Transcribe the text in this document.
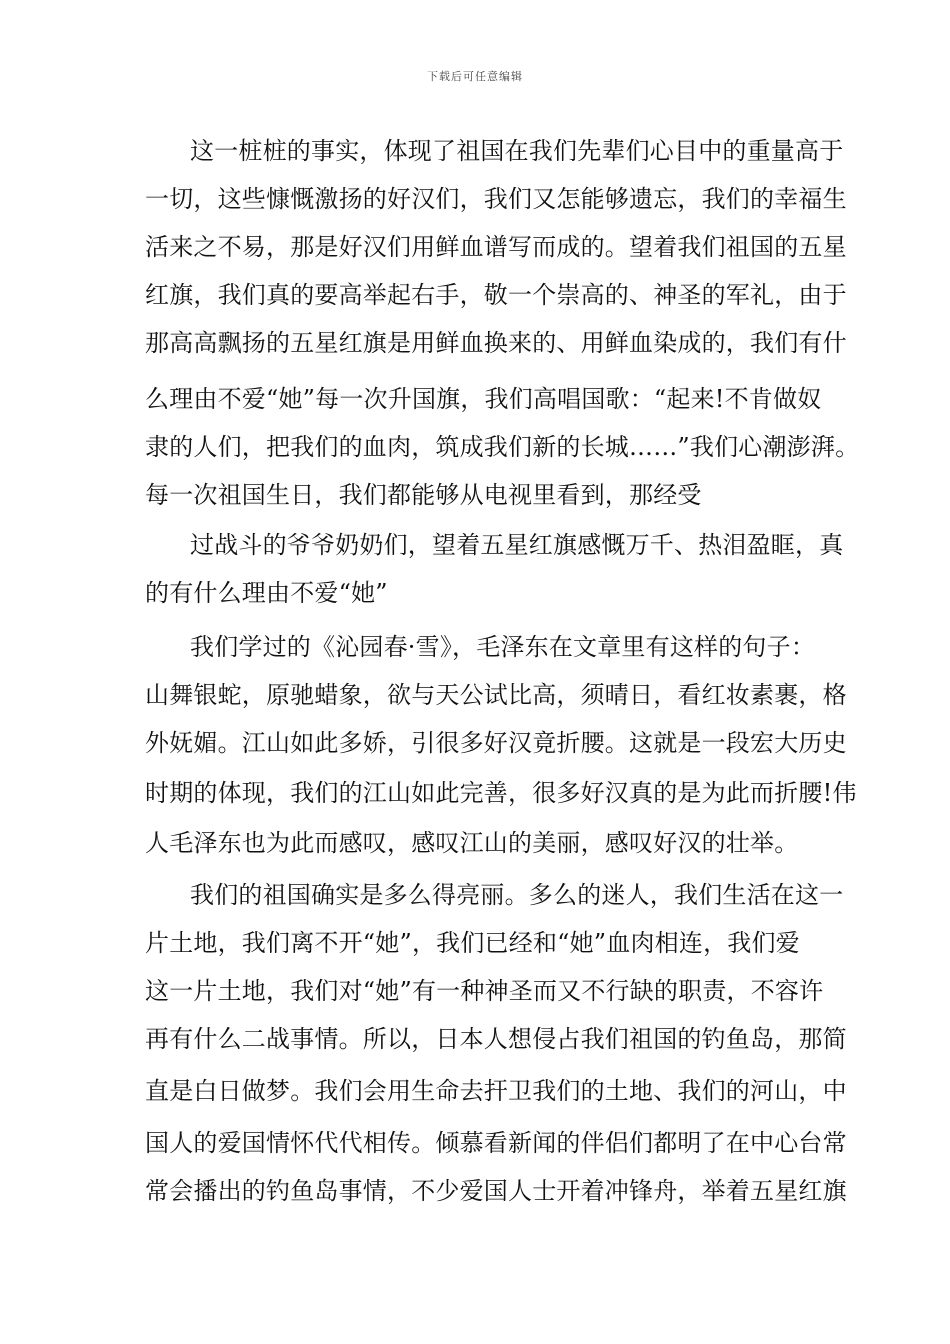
下载后可任意编辑
这一桩桩的事实，体现了祖国在我们先辈们心目中的重量高于
一切，这些慷慨激扬的好汉们，我们又怎能够遗忘，我们的幸福生
活来之不易，那是好汉们用鲜血谱写而成的。望着我们祖国的五星
红旗，我们真的要高举起右手，敬一个崇高的、神圣的军礼，由于
那高高飘扬的五星红旗是用鲜血换来的、用鲜血染成的，我们有什
么理由不爱“她”每一次升国旗，我们高唱国歌：“起来!不肯做奴
隶的人们，把我们的血肉，筑成我们新的长城……”我们心潮澎湃。
每一次祖国生日，我们都能够从电视里看到，那经受
过战斗的爷爷奶奶们，望着五星红旗感慨万千、热泪盈眶，真
的有什么理由不爱“她”
我们学过的《沁园春·雪》，毛泽东在文章里有这样的句子：
山舞银蛇，原驰蜡象，欲与天公试比高，须晴日，看红妆素裹，格
外妩媚。江山如此多娇，引很多好汉竟折腰。这就是一段宏大历史
时期的体现，我们的江山如此完善，很多好汉真的是为此而折腰!伟
人毛泽东也为此而感叹，感叹江山的美丽，感叹好汉的壮举。
我们的祖国确实是多么得亮丽。多么的迷人，我们生活在这一
片土地，我们离不开“她”，我们已经和“她”血肉相连，我们爱
这一片土地，我们对“她”有一种神圣而又不行缺的职责，不容许
再有什么二战事情。所以，日本人想侵占我们祖国的钓鱼岛，那简
直是白日做梦。我们会用生命去扞卫我们的土地、我们的河山，中
国人的爱国情怀代代相传。倾慕看新闻的伴侣们都明了在中心台常
常会播出的钓鱼岛事情，不少爱国人士开着冲锋舟，举着五星红旗
